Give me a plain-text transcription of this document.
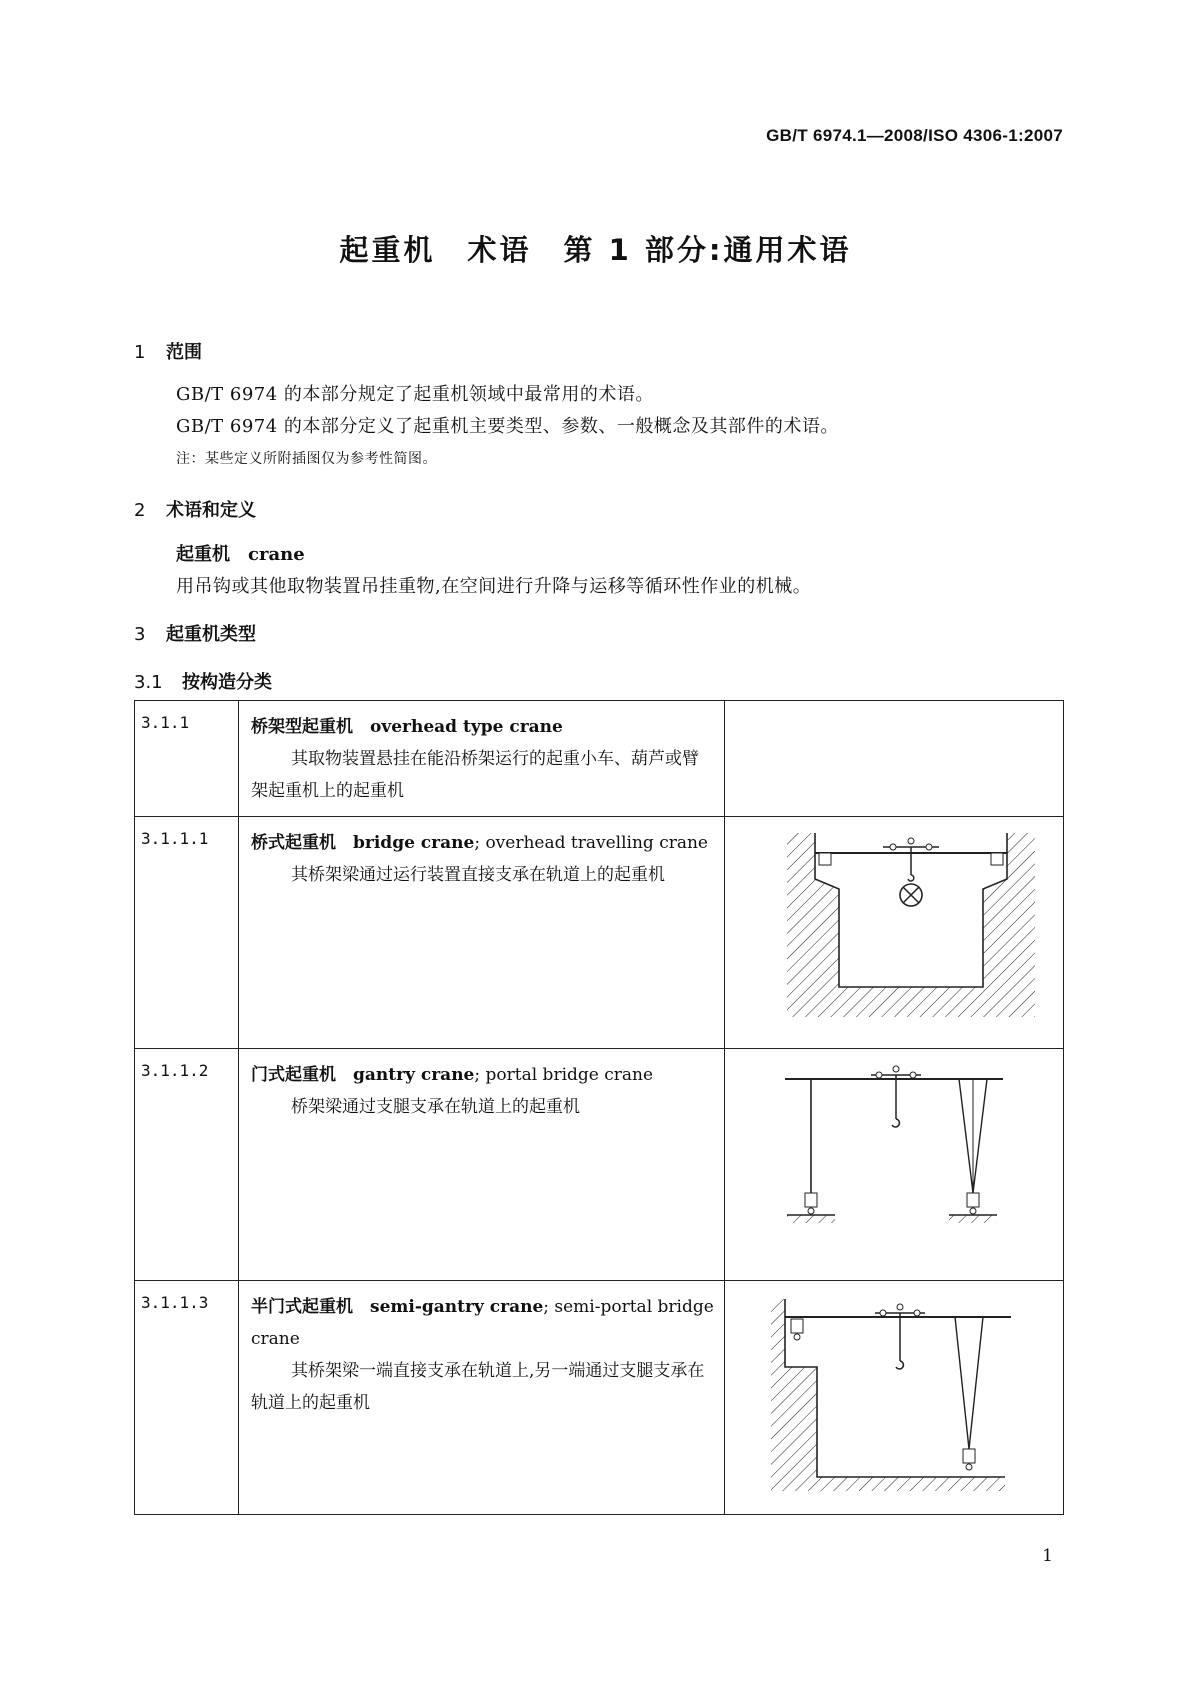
GB/T 6974.1—2008/ISO 4306-1:2007
起重机　术语　第 1 部分:通用术语
1 范围
GB/T 6974 的本部分规定了起重机领域中最常用的术语。
GB/T 6974 的本部分定义了起重机主要类型、参数、一般概念及其部件的术语。
注：某些定义所附插图仅为参考性简图。
2 术语和定义
起重机　 crane
用吊钩或其他取物装置吊挂重物,在空间进行升降与运移等循环性作业的机械。
3 起重机类型
3.1 按构造分类
3.1.1	桥架型起重机　 overhead type crane

其取物装置悬挂在能沿桥架运行的起重小车、葫芦或臂架起重机上的起重机	

3.1.1.1	桥式起重机　 bridge crane; overhead travelling crane

其桥架梁通过运行装置直接支承在轨道上的起重机

3.1.1.2	门式起重机　 gantry crane; portal bridge crane

桥架梁通过支腿支承在轨道上的起重机

3.1.1.3	半门式起重机　 semi-gantry crane; semi-portal bridge crane

其桥架梁一端直接支承在轨道上,另一端通过支腿支承在轨道上的起重机

1
